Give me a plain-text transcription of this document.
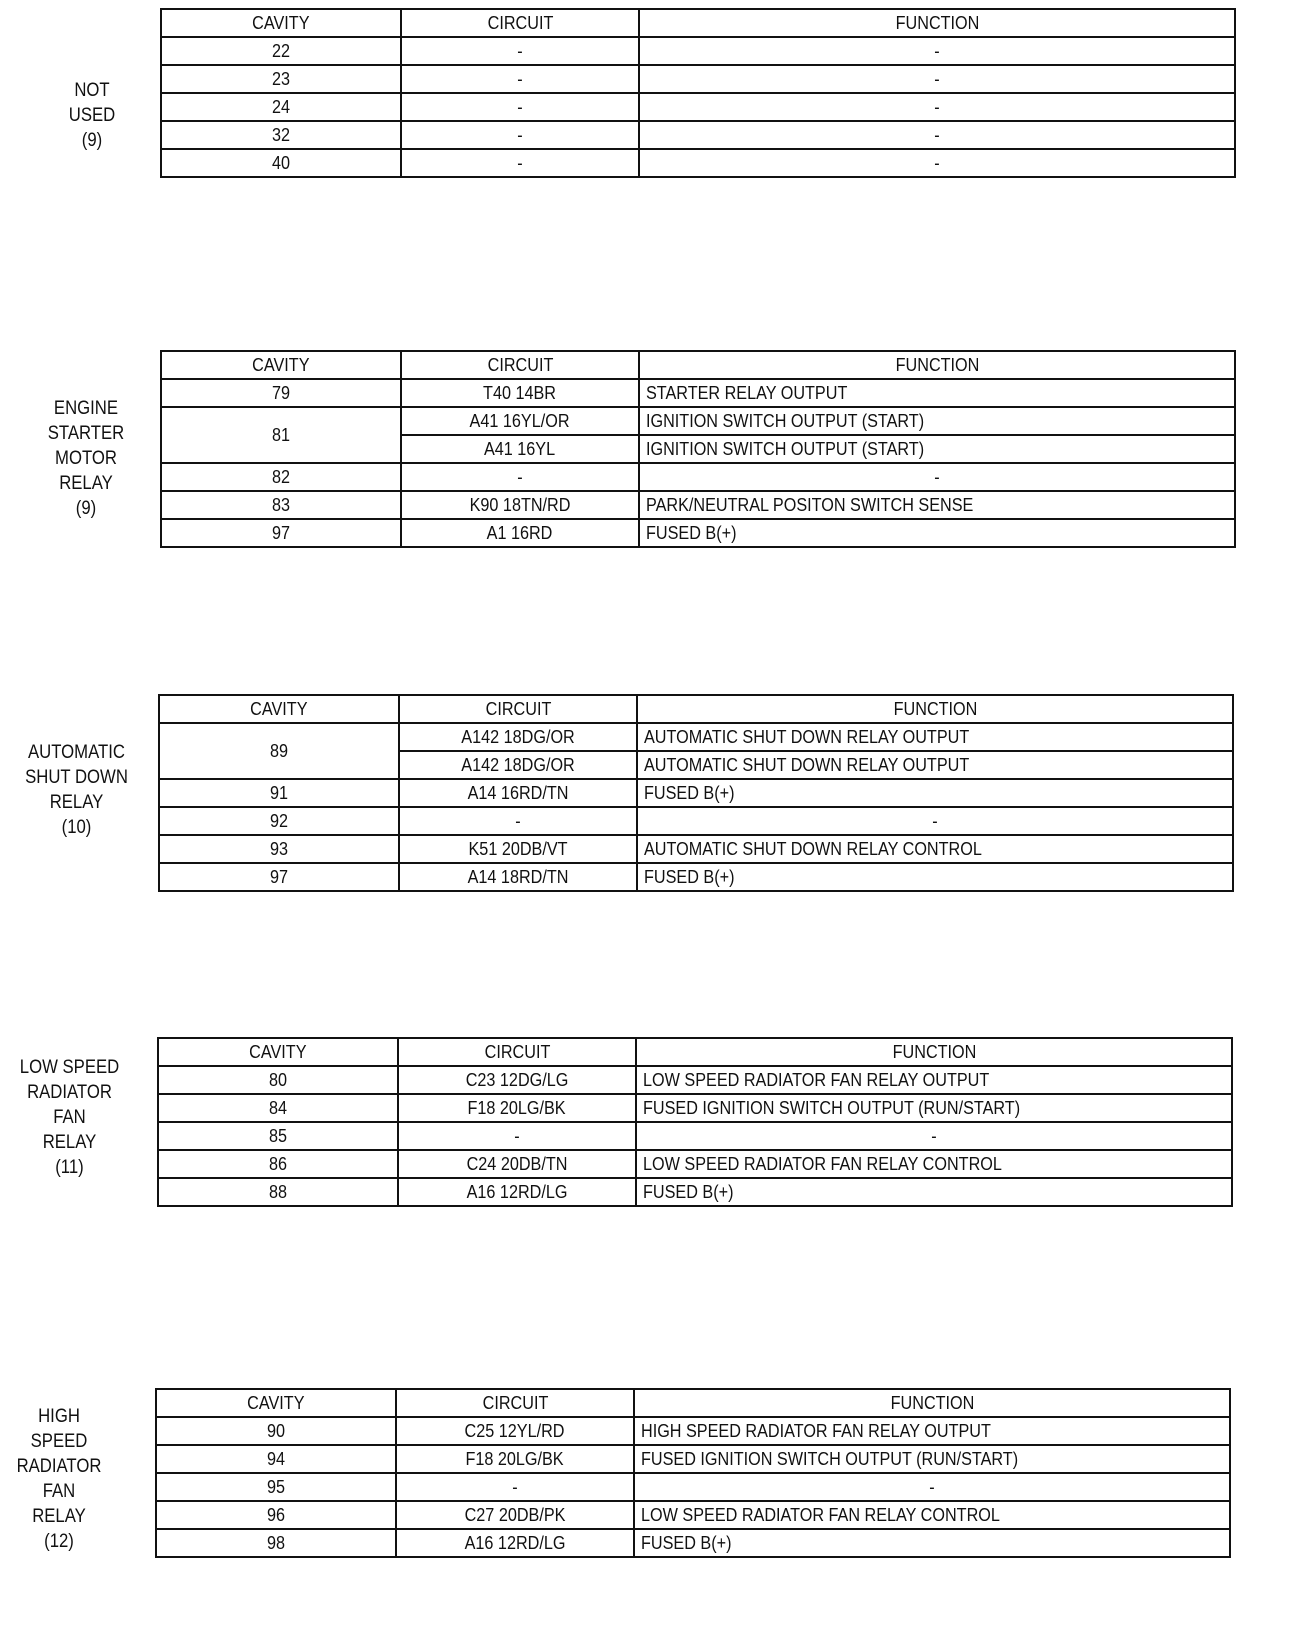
NOT
USED
(9)
CAVITY	CIRCUIT	FUNCTION
22	-	-
23	-	-
24	-	-
32	-	-
40	-	-
ENGINE
STARTER
MOTOR
RELAY
(9)
CAVITY	CIRCUIT	FUNCTION
79	T40 14BR	STARTER RELAY OUTPUT
81	A41 16YL/OR	IGNITION SWITCH OUTPUT (START)
	A41 16YL	IGNITION SWITCH OUTPUT (START)
82	-	-
83	K90 18TN/RD	PARK/NEUTRAL POSITON SWITCH SENSE
97	A1 16RD	FUSED B(+)
AUTOMATIC
SHUT DOWN
RELAY
(10)
CAVITY	CIRCUIT	FUNCTION
89	A142 18DG/OR	AUTOMATIC SHUT DOWN RELAY OUTPUT
	A142 18DG/OR	AUTOMATIC SHUT DOWN RELAY OUTPUT
91	A14 16RD/TN	FUSED B(+)
92	-	-
93	K51 20DB/VT	AUTOMATIC SHUT DOWN RELAY CONTROL
97	A14 18RD/TN	FUSED B(+)
LOW SPEED
RADIATOR FAN
RELAY
(11)
CAVITY	CIRCUIT	FUNCTION
80	C23 12DG/LG	LOW SPEED RADIATOR FAN RELAY OUTPUT
84	F18 20LG/BK	FUSED IGNITION SWITCH OUTPUT (RUN/START)
85	-	-
86	C24 20DB/TN	LOW SPEED RADIATOR FAN RELAY CONTROL
88	A16 12RD/LG	FUSED B(+)
HIGH SPEED
RADIATOR
FAN
RELAY
(12)
CAVITY	CIRCUIT	FUNCTION
90	C25 12YL/RD	HIGH SPEED RADIATOR FAN RELAY OUTPUT
94	F18 20LG/BK	FUSED IGNITION SWITCH OUTPUT (RUN/START)
95	-	-
96	C27 20DB/PK	LOW SPEED RADIATOR FAN RELAY CONTROL
98	A16 12RD/LG	FUSED B(+)
